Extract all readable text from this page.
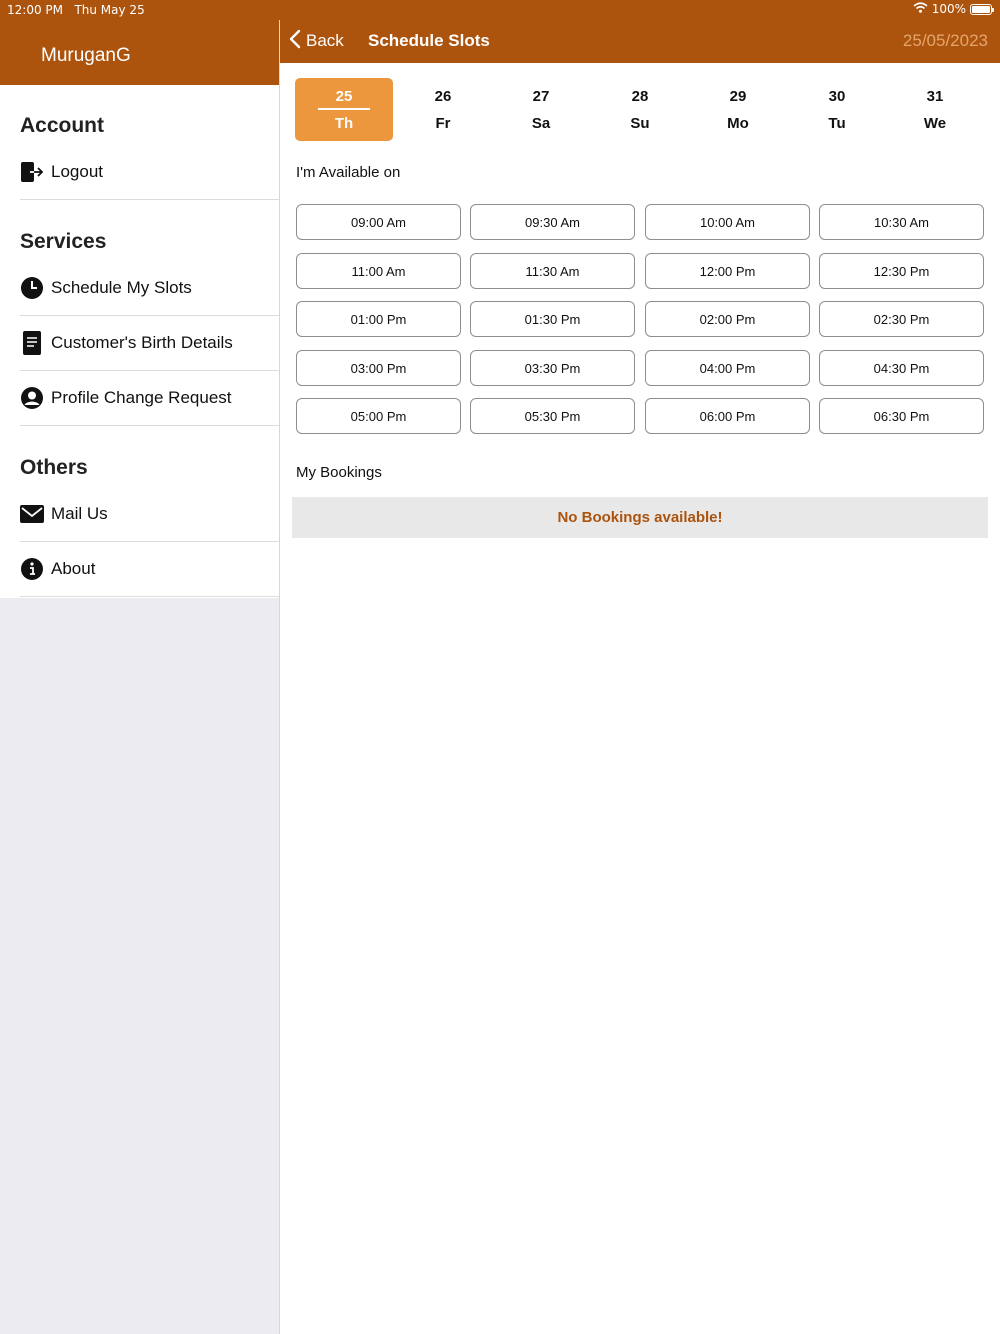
MuruganG
Account
Logout
Services
Schedule My Slots
Customer's Birth Details
Profile Change Request
Others
Mail Us
About
12:00 PM Thu May 25	100%
Back Schedule Slots	25/05/2023
25
Th
26
Fr
27
Sa
28
Su
29
Mo
30
Tu
31
We
I'm Available on
09:00 Am	09:30 Am	10:00 Am	10:30 Am
11:00 Am	11:30 Am	12:00 Pm	12:30 Pm
01:00 Pm	01:30 Pm	02:00 Pm	02:30 Pm
03:00 Pm	03:30 Pm	04:00 Pm	04:30 Pm
05:00 Pm	05:30 Pm	06:00 Pm	06:30 Pm
My Bookings
No Bookings available!
